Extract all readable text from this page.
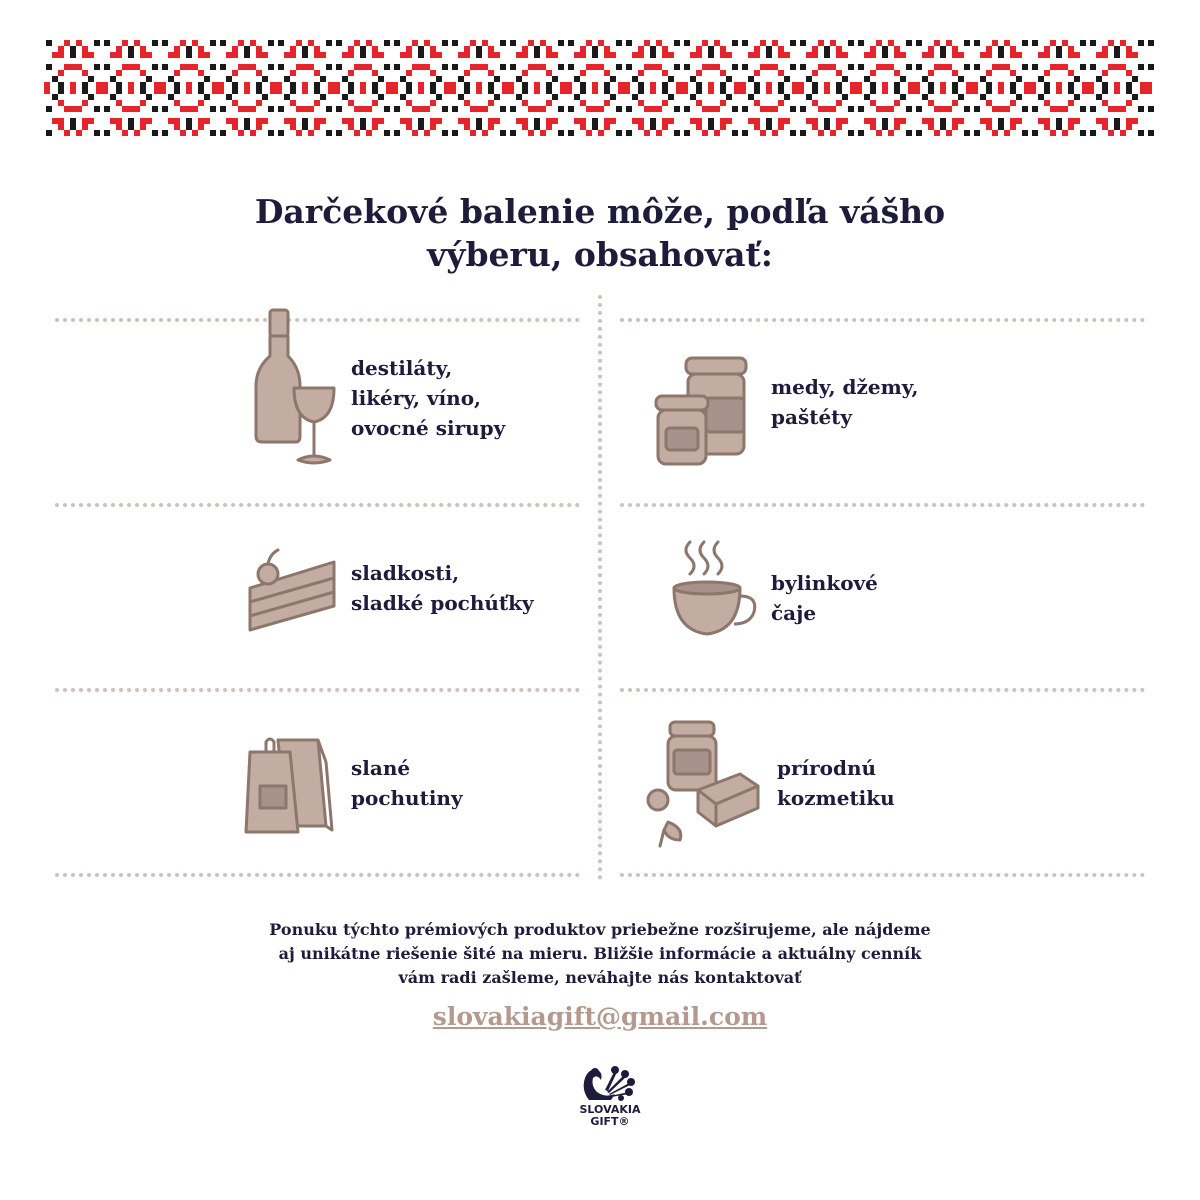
Darčekové balenie môže, podľa vášho
výberu, obsahovať:
destiláty,
likéry, víno,
ovocné sirupy
medy, džemy,
paštéty
sladkosti,
sladké pochúťky
bylinkové
čaje
slané
pochutiny
prírodnú
kozmetiku
Ponuku týchto prémiových produktov priebežne rozširujeme, ale nájdeme
aj unikátne riešenie šité na mieru. Bližšie informácie a aktuálny cenník
vám radi zašleme, neváhajte nás kontaktovať
slovakiagift@gmail.com
SLOVAKIA
GIFT®
